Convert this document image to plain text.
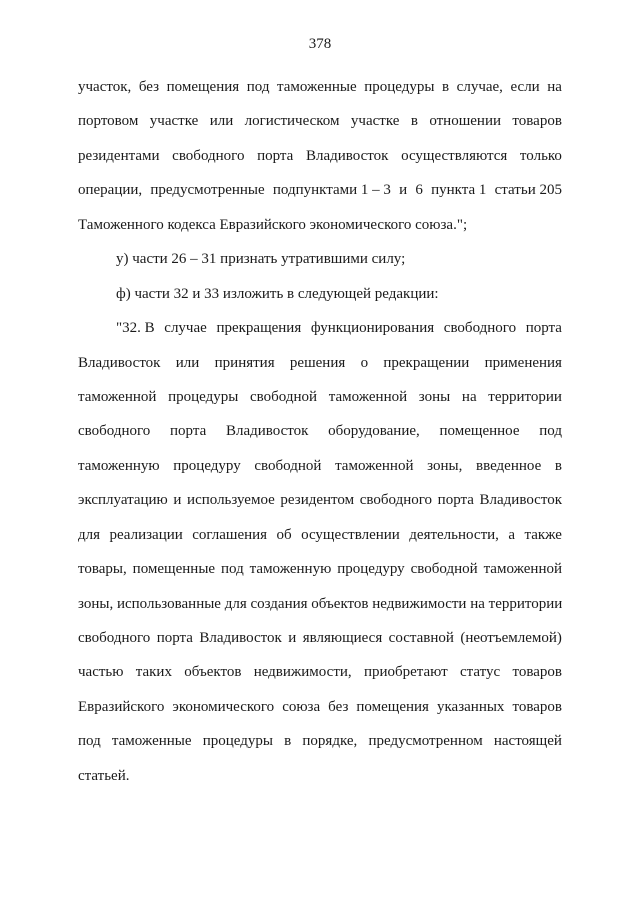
378
участок, без помещения под таможенные процедуры в случае, если на
портовом участке или логистическом участке в отношении товаров
резидентами свободного порта Владивосток осуществляются только
операции, предусмотренные подпунктами 1 – 3 и 6 пункта 1 статьи 205
Таможенного кодекса Евразийского экономического союза.";
у) части 26 – 31 признать утратившими силу;
ф) части 32 и 33 изложить в следующей редакции:
"32. В случае прекращения функционирования свободного порта
Владивосток или принятия решения о прекращении применения
таможенной процедуры свободной таможенной зоны на территории
свободного порта Владивосток оборудование, помещенное под
таможенную процедуру свободной таможенной зоны, введенное в
эксплуатацию и используемое резидентом свободного порта Владивосток
для реализации соглашения об осуществлении деятельности, а также
товары, помещенные под таможенную процедуру свободной таможенной
зоны, использованные для создания объектов недвижимости на территории
свободного порта Владивосток и являющиеся составной (неотъемлемой)
частью таких объектов недвижимости, приобретают статус товаров
Евразийского экономического союза без помещения указанных товаров
под таможенные процедуры в порядке, предусмотренном настоящей
статьей.
